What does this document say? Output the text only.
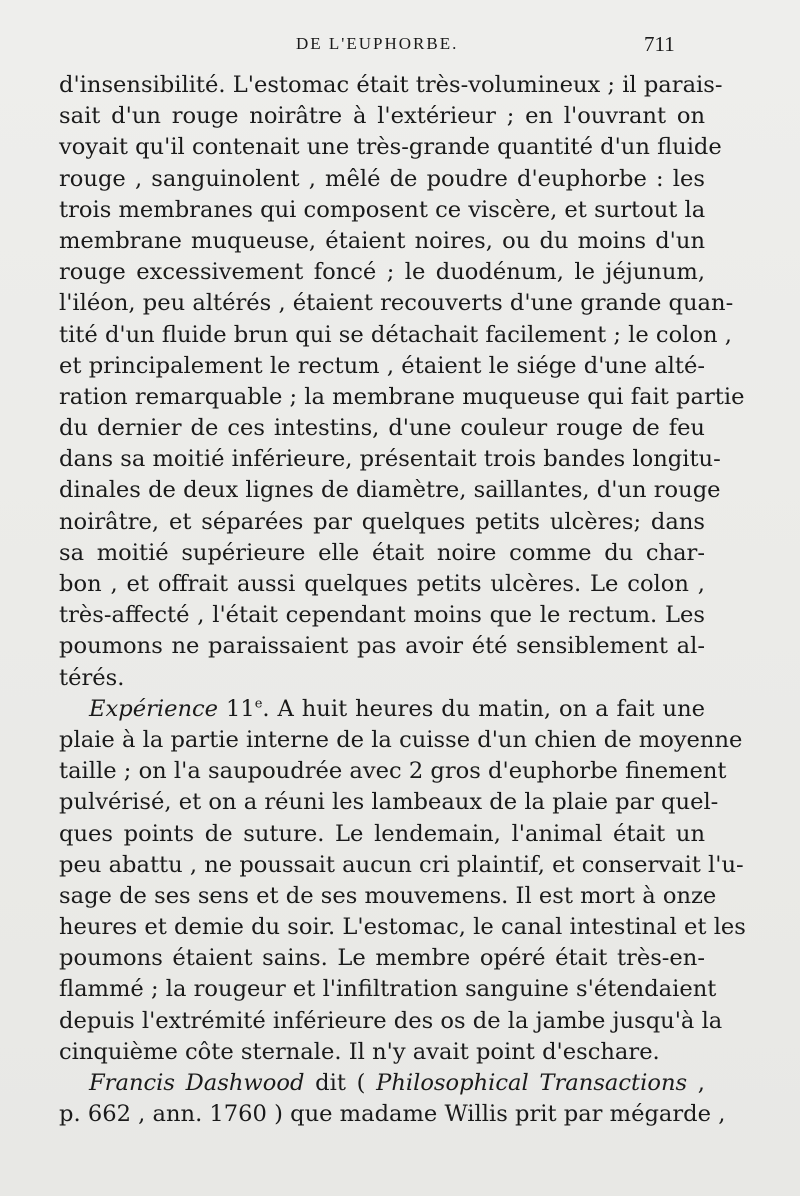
DE L'EUPHORBE.	711
d'insensibilité. L'estomac était très-volumineux ; il parais-
sait d'un rouge noirâtre à l'extérieur ; en l'ouvrant on
voyait qu'il contenait une très-grande quantité d'un fluide
rouge , sanguinolent , mêlé de poudre d'euphorbe : les
trois membranes qui composent ce viscère, et surtout la
membrane muqueuse, étaient noires, ou du moins d'un
rouge excessivement foncé ; le duodénum, le jéjunum,
l'iléon, peu altérés , étaient recouverts d'une grande quan-
tité d'un fluide brun qui se détachait facilement ; le colon ,
et principalement le rectum , étaient le siége d'une alté-
ration remarquable ; la membrane muqueuse qui fait partie
du dernier de ces intestins, d'une couleur rouge de feu
dans sa moitié inférieure, présentait trois bandes longitu-
dinales de deux lignes de diamètre, saillantes, d'un rouge
noirâtre, et séparées par quelques petits ulcères; dans
sa moitié supérieure elle était noire comme du char-
bon , et offrait aussi quelques petits ulcères. Le colon ,
très-affecté , l'était cependant moins que le rectum. Les
poumons ne paraissaient pas avoir été sensiblement al-
térés.
Expérience 11e. A huit heures du matin, on a fait une
plaie à la partie interne de la cuisse d'un chien de moyenne
taille ; on l'a saupoudrée avec 2 gros d'euphorbe finement
pulvérisé, et on a réuni les lambeaux de la plaie par quel-
ques points de suture. Le lendemain, l'animal était un
peu abattu , ne poussait aucun cri plaintif, et conservait l'u-
sage de ses sens et de ses mouvemens. Il est mort à onze
heures et demie du soir. L'estomac, le canal intestinal et les
poumons étaient sains. Le membre opéré était très-en-
flammé ; la rougeur et l'infiltration sanguine s'étendaient
depuis l'extrémité inférieure des os de la jambe jusqu'à la
cinquième côte sternale. Il n'y avait point d'eschare.
Francis Dashwood dit ( Philosophical Transactions ,
p. 662 , ann. 1760 ) que madame Willis prit par mégarde ,
